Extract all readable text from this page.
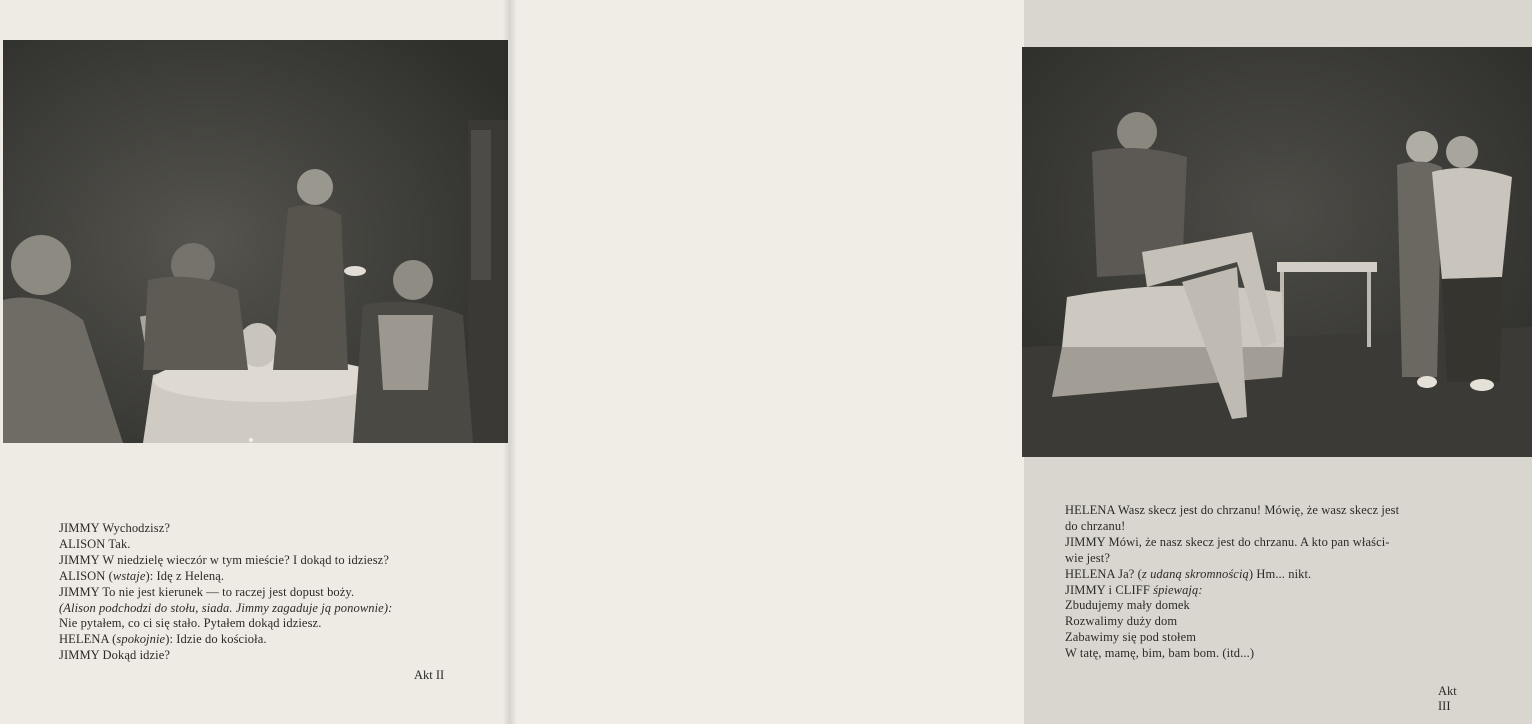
JIMMY Wychodzisz?
ALISON Tak.
JIMMY W niedzielę wieczór w tym mieście? I dokąd to idziesz?
ALISON (wstaje): Idę z Heleną.
JIMMY To nie jest kierunek — to raczej jest dopust boży.
(Alison podchodzi do stołu, siada. Jimmy zagaduje ją ponownie):
Nie pytałem, co ci się stało. Pytałem dokąd idziesz.
HELENA (spokojnie): Idzie do kościoła.
JIMMY Dokąd idzie?
Akt II
HELENA Wasz skecz jest do chrzanu! Mówię, że wasz skecz jest
do chrzanu!
JIMMY Mówi, że nasz skecz jest do chrzanu. A kto pan właści-
wie jest?
HELENA Ja? (z udaną skromnością) Hm... nikt.
JIMMY i CLIFF śpiewają:
Zbudujemy mały domek
Rozwalimy duży dom
Zabawimy się pod stołem
W tatę, mamę, bim, bam bom. (itd...)
Akt III
